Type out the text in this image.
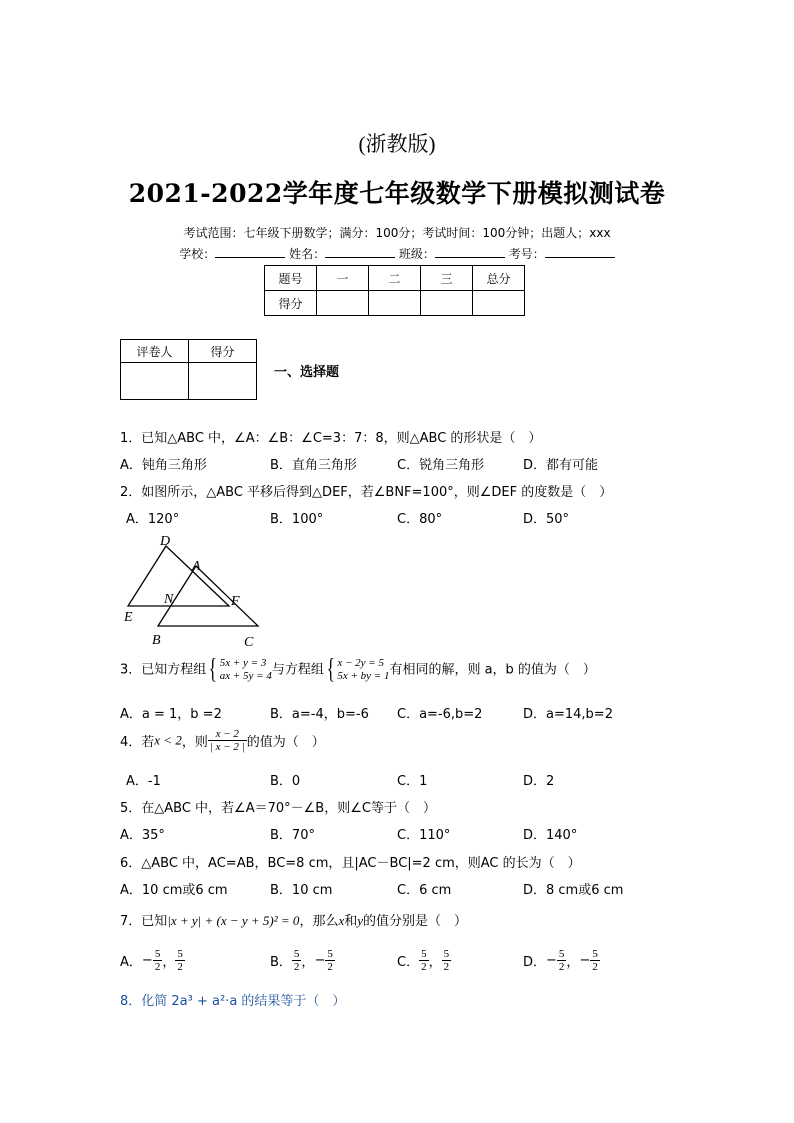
(浙教版)
2021-2022学年度七年级数学下册模拟测试卷
考试范围：七年级下册数学；满分：100分；考试时间：100分钟；出题人；xxx
学校：	姓名：	班级：	考号：
题号	一	二	三	总分
得分				
评卷人	得分

一、选择题
1．已知△ABC 中，∠A：∠B：∠C=3：7：8，则△ABC 的形状是（　）
A．钝角三角形	B．直角三角形	C．锐角三角形	D．都有可能
2．如图所示，△ABC 平移后得到△DEF，若∠BNF=100°，则∠DEF 的度数是（　）
A．120°	B．100°	C．80°	D．50°
D
A
N	F
E
B	C
3．已知方程组{ 5x + y = 3
ax + 5y = 4 与方程组{ x − 2y = 5
5x + by = 1 有相同的解，则 a，b 的值为（　）
A．a = 1，b =2	B．a=-4，b=-6 C．a=-6,b=2	D．a=14,b=2
4．若x < 2，则 $\frac{x - 2}{| x - 2 |}$ 的值为（　）
A．-1	B．0	C．1	D．2
5．在△ABC 中，若∠A＝70°－∠B，则∠C等于（　）
A．35°	B．70°	C．110°	D．140°
6．△ABC 中，AC=AB，BC=8 cm，且|AC－BC|=2 cm，则AC 的长为（　）
A．10 cm或6 cm	B．10 cm	C．6 cm	D．8 cm或6 cm
7．已知|x + y| + (x − y + 5)² = 0，那么x和y的值分别是（　）
A．− $\frac{5}{2}$ ， $\frac{5}{2}$	B． $\frac{5}{2}$ ，− $\frac{5}{2}$	C． $\frac{5}{2}$ ， $\frac{5}{2}$	D．− $\frac{5}{2}$ ，− $\frac{5}{2}$
8．化简 2a³ + a²·a 的结果等于（　）
